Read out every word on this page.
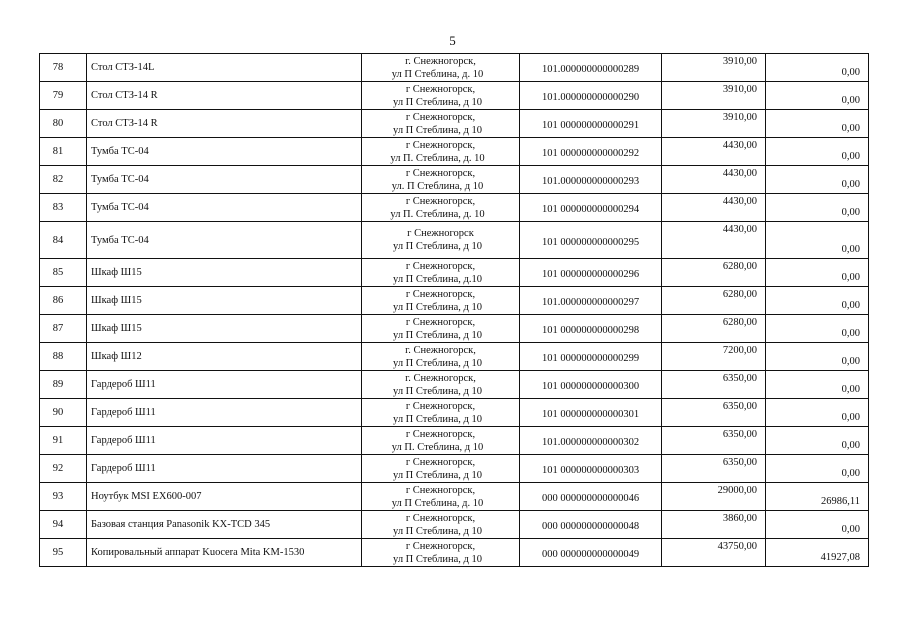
5
78	Стол СТЗ-14L	г. Снежногорск,
ул П Стеблина, д. 10	101.000000000000289	3910,00	0,00
79	Стол СТЗ-14 R	г Снежногорск,
ул П Стеблина, д 10	101.000000000000290	3910,00	0,00
80	Стол СТЗ-14 R	г Снежногорск,
ул П Стеблина, д 10	101 000000000000291	3910,00	0,00
81	Тумба ТС-04	г Снежногорск,
ул П. Стеблина, д. 10	101 000000000000292	4430,00	0,00
82	Тумба ТС-04	г Снежногорск,
ул. П Стеблина, д 10	101.000000000000293	4430,00	0,00
83	Тумба ТС-04	г Снежногорск,
ул П. Стеблина, д. 10	101 000000000000294	4430,00	0,00
84	Тумба ТС-04	г Снежногорск
ул П Стеблина, д 10	101 000000000000295	4430,00	0,00
85	Шкаф Ш15	г Снежногорск,
ул П Стеблина, д.10	101 000000000000296	6280,00	0,00
86	Шкаф Ш15	г Снежногорск,
ул П Стеблина, д 10	101.000000000000297	6280,00	0,00
87	Шкаф Ш15	г Снежногорск,
ул П Стеблина, д 10	101 000000000000298	6280,00	0,00
88	Шкаф Ш12	г. Снежногорск,
ул П Стеблина, д 10	101 000000000000299	7200,00	0,00
89	Гардероб Ш11	г. Снежногорск,
ул П Стеблина, д 10	101 000000000000300	6350,00	0,00
90	Гардероб Ш11	г Снежногорск,
ул П Стеблина, д 10	101 000000000000301	6350,00	0,00
91	Гардероб Ш11	г Снежногорск,
ул П. Стеблина, д 10	101.000000000000302	6350,00	0,00
92	Гардероб Ш11	г Снежногорск,
ул П Стеблина, д 10	101 000000000000303	6350,00	0,00
93	Ноутбук MSI EX600-007	г Снежногорск,
ул П Стеблина, д. 10	000 000000000000046	29000,00	26986,11
94	Базовая станция Panasonik KX-TCD 345	г Снежногорск,
ул П Стеблина, д 10	000 000000000000048	3860,00	0,00
95	Копировальный аппарат Kuocera Mita KM-1530	г Снежногорск,
ул П Стеблина, д 10	000 000000000000049	43750,00	41927,08
